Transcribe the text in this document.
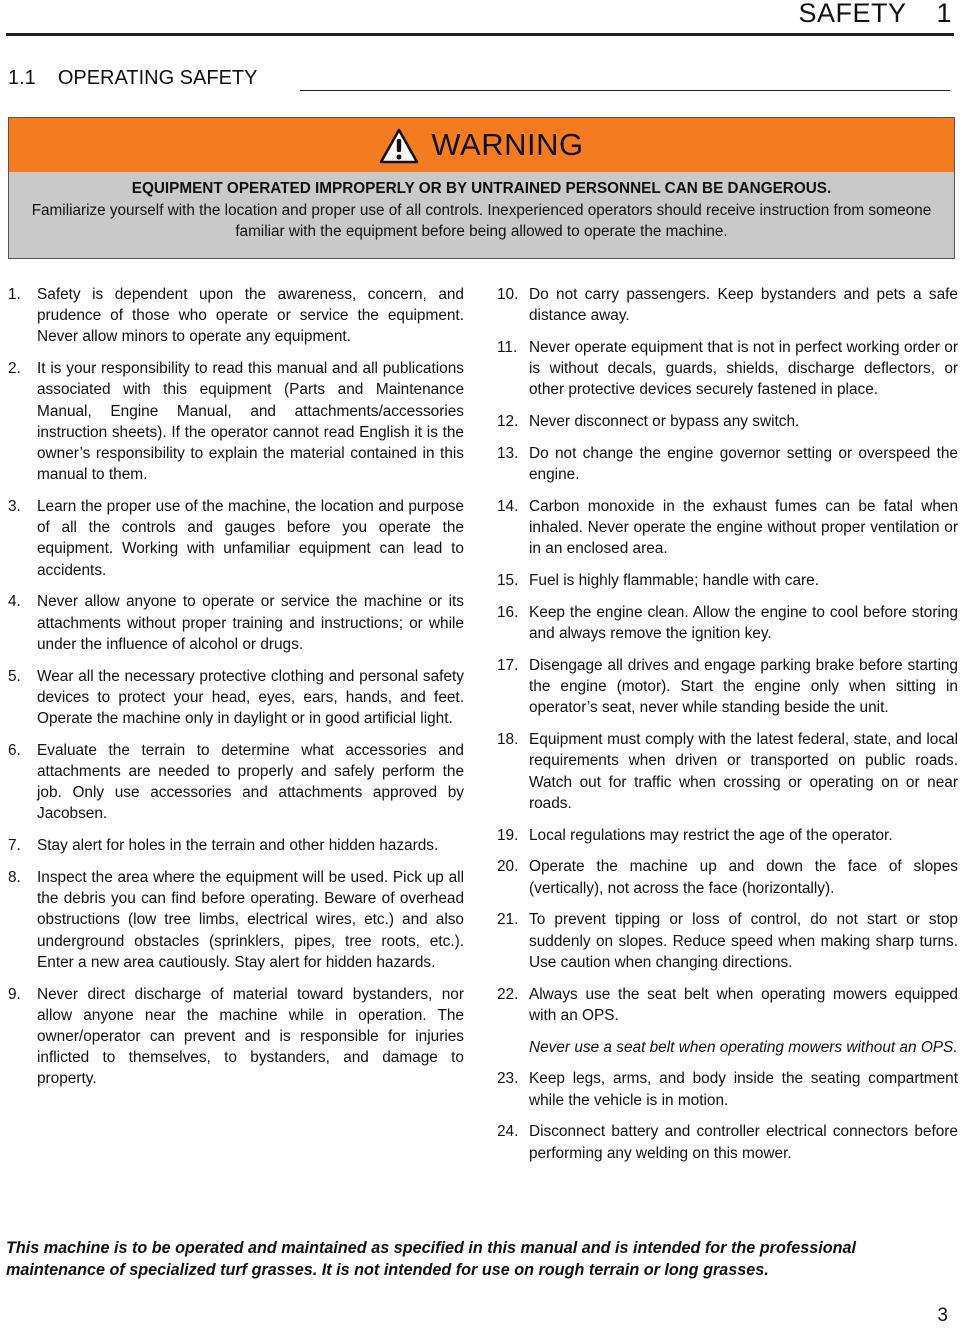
SAFETY 1
1.1 OPERATING SAFETY
WARNING
EQUIPMENT OPERATED IMPROPERLY OR BY UNTRAINED PERSONNEL CAN BE DANGEROUS.
Familiarize yourself with the location and proper use of all controls. Inexperienced operators should receive instruction from someone familiar with the equipment before being allowed to operate the machine.
1. Safety is dependent upon the awareness, concern, and prudence of those who operate or service the equipment. Never allow minors to operate any equipment.
2. It is your responsibility to read this manual and all publications associated with this equipment (Parts and Maintenance Manual, Engine Manual, and attachments/accessories instruction sheets). If the operator cannot read English it is the owner’s responsibility to explain the material contained in this manual to them.
3. Learn the proper use of the machine, the location and purpose of all the controls and gauges before you operate the equipment. Working with unfamiliar equipment can lead to accidents.
4. Never allow anyone to operate or service the machine or its attachments without proper training and instructions; or while under the influence of alcohol or drugs.
5. Wear all the necessary protective clothing and personal safety devices to protect your head, eyes, ears, hands, and feet. Operate the machine only in daylight or in good artificial light.
6. Evaluate the terrain to determine what accessories and attachments are needed to properly and safely perform the job. Only use accessories and attachments approved by Jacobsen.
7. Stay alert for holes in the terrain and other hidden hazards.
8. Inspect the area where the equipment will be used. Pick up all the debris you can find before operating. Beware of overhead obstructions (low tree limbs, electrical wires, etc.) and also underground obstacles (sprinklers, pipes, tree roots, etc.). Enter a new area cautiously. Stay alert for hidden hazards.
9. Never direct discharge of material toward bystanders, nor allow anyone near the machine while in operation. The owner/operator can prevent and is responsible for injuries inflicted to themselves, to bystanders, and damage to property.
10. Do not carry passengers. Keep bystanders and pets a safe distance away.
11. Never operate equipment that is not in perfect working order or is without decals, guards, shields, discharge deflectors, or other protective devices securely fastened in place.
12. Never disconnect or bypass any switch.
13. Do not change the engine governor setting or overspeed the engine.
14. Carbon monoxide in the exhaust fumes can be fatal when inhaled. Never operate the engine without proper ventilation or in an enclosed area.
15. Fuel is highly flammable; handle with care.
16. Keep the engine clean. Allow the engine to cool before storing and always remove the ignition key.
17. Disengage all drives and engage parking brake before starting the engine (motor). Start the engine only when sitting in operator’s seat, never while standing beside the unit.
18. Equipment must comply with the latest federal, state, and local requirements when driven or transported on public roads. Watch out for traffic when crossing or operating on or near roads.
19. Local regulations may restrict the age of the operator.
20. Operate the machine up and down the face of slopes (vertically), not across the face (horizontally).
21. To prevent tipping or loss of control, do not start or stop suddenly on slopes. Reduce speed when making sharp turns. Use caution when changing directions.
22. Always use the seat belt when operating mowers equipped with an OPS.
Never use a seat belt when operating mowers without an OPS.
23. Keep legs, arms, and body inside the seating compartment while the vehicle is in motion.
24. Disconnect battery and controller electrical connectors before performing any welding on this mower.
This machine is to be operated and maintained as specified in this manual and is intended for the professional maintenance of specialized turf grasses. It is not intended for use on rough terrain or long grasses.
3
